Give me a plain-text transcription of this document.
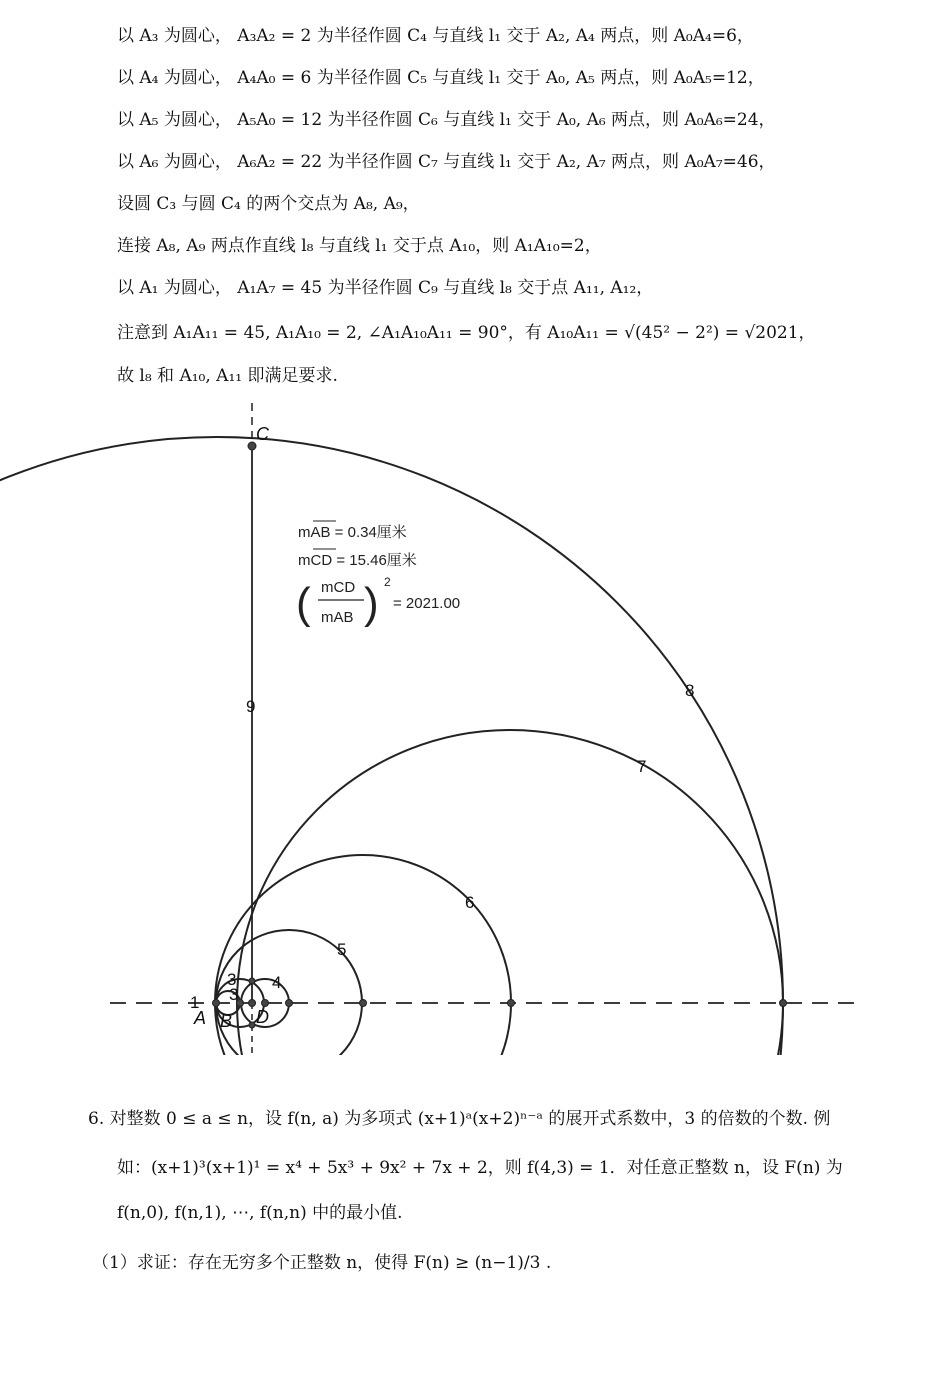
以 A₃ 为圆心， A₃A₂ = 2 为半径作圆 C₄ 与直线 l₁ 交于 A₂, A₄ 两点，则 A₀A₄=6，
以 A₄ 为圆心， A₄A₀ = 6 为半径作圆 C₅ 与直线 l₁ 交于 A₀, A₅ 两点，则 A₀A₅=12，
以 A₅ 为圆心， A₅A₀ = 12 为半径作圆 C₆ 与直线 l₁ 交于 A₀, A₆ 两点，则 A₀A₆=24，
以 A₆ 为圆心， A₆A₂ = 22 为半径作圆 C₇ 与直线 l₁ 交于 A₂, A₇ 两点，则 A₀A₇=46，
设圆 C₃ 与圆 C₄ 的两个交点为 A₈, A₉，
连接 A₈, A₉ 两点作直线 l₈ 与直线 l₁ 交于点 A₁₀，则 A₁A₁₀=2，
以 A₁ 为圆心， A₁A₇ = 45 为半径作圆 C₉ 与直线 l₈ 交于点 A₁₁, A₁₂，
注意到 A₁A₁₁ = 45, A₁A₁₀ = 2, ∠A₁A₁₀A₁₁ = 90°，有 A₁₀A₁₁ = √(45² − 2²) = √2021，
故 l₈ 和 A₁₀, A₁₁ 即满足要求.
C
A B D
1
3
3
4
5
6
7
8
9
mAB = 0.34厘米
mCD = 15.46厘米
( mCD
mAB ) 2
= 2021.00
6. 对整数 0 ≤ a ≤ n，设 f(n, a) 为多项式 (x+1)ᵃ(x+2)ⁿ⁻ᵃ 的展开式系数中，3 的倍数的个数. 例
如：(x+1)³(x+1)¹ = x⁴ + 5x³ + 9x² + 7x + 2，则 f(4,3) = 1．对任意正整数 n，设 F(n) 为
f(n,0), f(n,1), ⋯, f(n,n) 中的最小值.
（1）求证：存在无穷多个正整数 n，使得 F(n) ≥ (n−1)/3 .
